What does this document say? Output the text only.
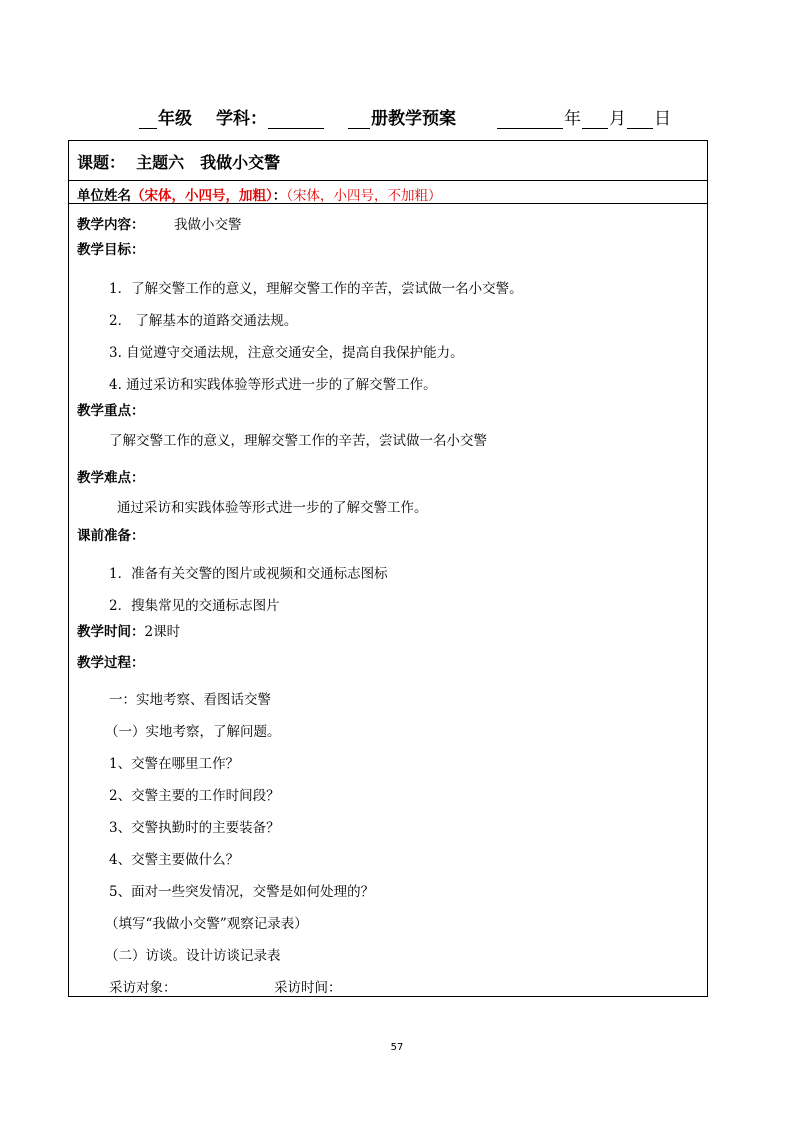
年级 学科：	册教学预案	年 月 日
课题： 主题六　我做小交警
单位姓名（宋体，小四号，加粗）：（宋体，小四号，不加粗）
教学内容： 我做小交警
教学目标：
1．了解交警工作的意义，理解交警工作的辛苦，尝试做一名小交警。
2． 了解基本的道路交通法规。
3. 自觉遵守交通法规，注意交通安全，提高自我保护能力。
4. 通过采访和实践体验等形式进一步的了解交警工作。
教学重点：
了解交警工作的意义，理解交警工作的辛苦，尝试做一名小交警
教学难点：
通过采访和实践体验等形式进一步的了解交警工作。
课前准备：
1．准备有关交警的图片或视频和交通标志图标
2．搜集常见的交通标志图片
教学时间：2课时
教学过程：
一：实地考察、看图话交警
（一）实地考察，了解问题。
1、交警在哪里工作？
2、交警主要的工作时间段？
3、交警执勤时的主要装备？
4、交警主要做什么？
5、面对一些突发情况，交警是如何处理的？
（填写“我做小交警”观察记录表）
（二）访谈。设计访谈记录表
采访对象：	采访时间：
57
